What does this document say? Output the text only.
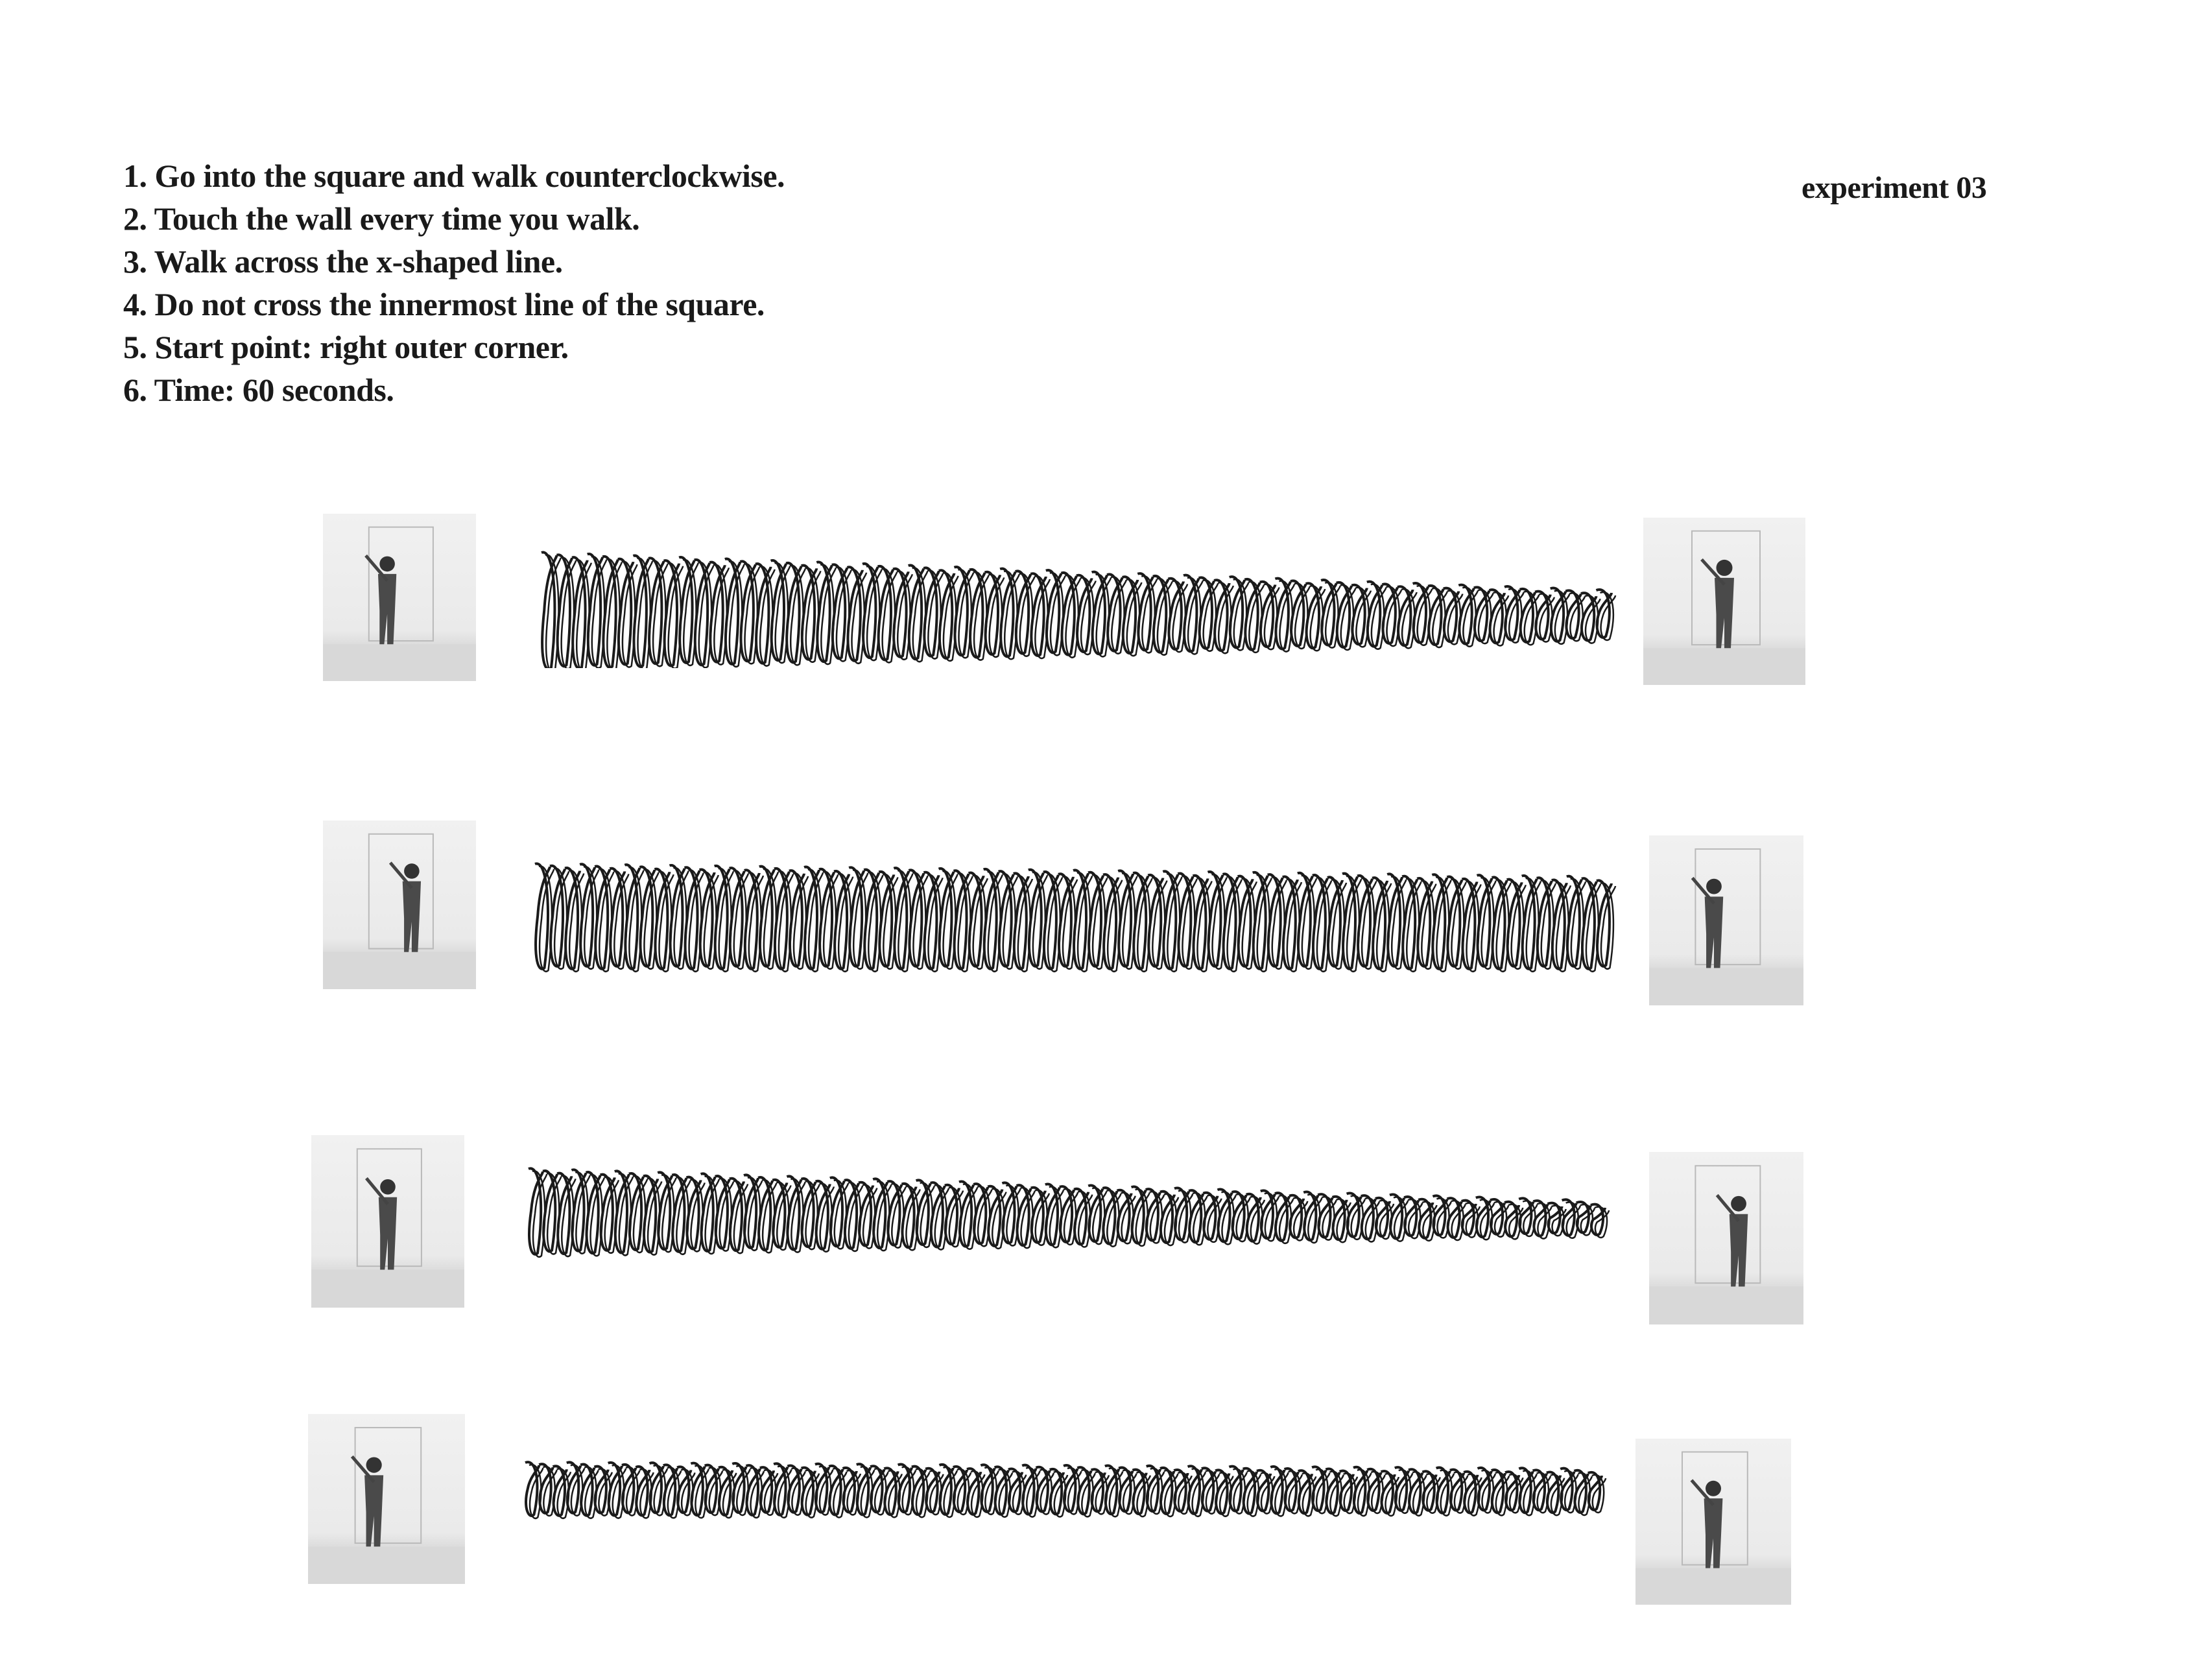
1. Go into the square and walk counterclockwise.
2. Touch the wall every time you walk.
3. Walk across the x-shaped line.
4. Do not cross the innermost line of the square.
5. Start point: right outer corner.
6. Time: 60 seconds.
experiment 03
